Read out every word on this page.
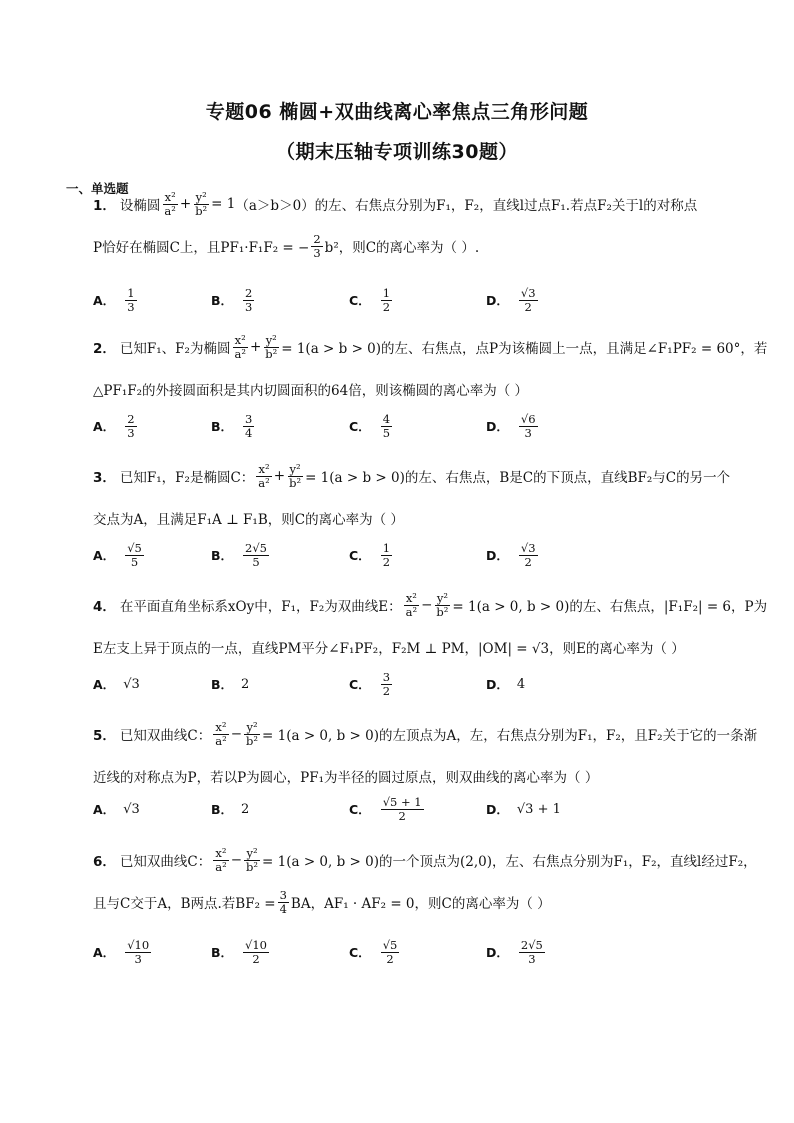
专题06 椭圆+双曲线离心率焦点三角形问题
（期末压轴专项训练30题）
一、单选题
1． 设椭圆 $\frac{\text{x²}}{\text{a²}} + \frac{\text{y²}}{\text{b²}} = 1$ （a＞b＞0）的左、右焦点分别为F₁，F₂，直线l过点F₁.若点F₂关于l的对称点
P恰好在椭圆C上，且PF₁·F₁F₂ = − $\frac{2}{3} b^2$，则C的离心率为（ ）.
A． $\frac{1}{3}$	B． $\frac{2}{3}$	C． $\frac{1}{2}$	D． $\frac{√3}{2}$
2． 已知F₁、F₂为椭圆 $\frac{\text{x²}}{\text{a²}} + \frac{\text{y²}}{\text{b²}} = 1(a > b > 0)$的左、右焦点，点P为该椭圆上一点，且满足∠F₁PF₂ = 60°，若
△PF₁F₂的外接圆面积是其内切圆面积的64倍，则该椭圆的离心率为（ ）
A． $\frac{2}{3}$	B． $\frac{3}{4}$	C． $\frac{4}{5}$	D． $\frac{√6}{3}$
3． 已知F₁，F₂是椭圆C： $\frac{\text{x²}}{\text{a²}} + \frac{\text{y²}}{\text{b²}} = 1(a > b > 0)$的左、右焦点，B是C的下顶点，直线BF₂与C的另一个
交点为A，且满足F₁A ⊥ F₁B，则C的离心率为（ ）
A． $\frac{√5}{5}$	B． $\frac{2√5}{5}$	C． $\frac{1}{2}$	D． $\frac{√3}{2}$
4． 在平面直角坐标系xOy中，F₁，F₂为双曲线E： $\frac{\text{x²}}{\text{a²}} - \frac{\text{y²}}{\text{b²}} = 1(a > 0$, b > 0)的左、右焦点，|F₁F₂| = 6，P为
E左支上异于顶点的一点，直线PM平分∠F₁PF₂，F₂M ⊥ PM，|OM| = √3，则E的离心率为（ ）
A． √3	B． 2	C． $\frac{3}{2}$	D． 4
5． 已知双曲线C： $\frac{\text{x²}}{\text{a²}} - \frac{\text{y²}}{\text{b²}} = 1(a > 0$, b > 0)的左顶点为A，左，右焦点分别为F₁，F₂，且F₂关于它的一条渐
近线的对称点为P，若以P为圆心，PF₁为半径的圆过原点，则双曲线的离心率为（ ）
A． √3	B． 2	C． $\frac{√5 + 1}{2}$	D． √3 + 1
6． 已知双曲线C： $\frac{\text{x²}}{\text{a²}} - \frac{\text{y²}}{\text{b²}} = 1(a > 0$, b > 0)的一个顶点为(2,0)，左、右焦点分别为F₁，F₂，直线l经过F₂，
且与C交于A，B两点.若$BF_2 = \frac{3}{4}$ BA，AF₁ · AF₂ = 0，则C的离心率为（ ）
A． $\frac{√10}{3}$	B． $\frac{√10}{2}$	C． $\frac{√5}{2}$	D． $\frac{2√5}{3}$
